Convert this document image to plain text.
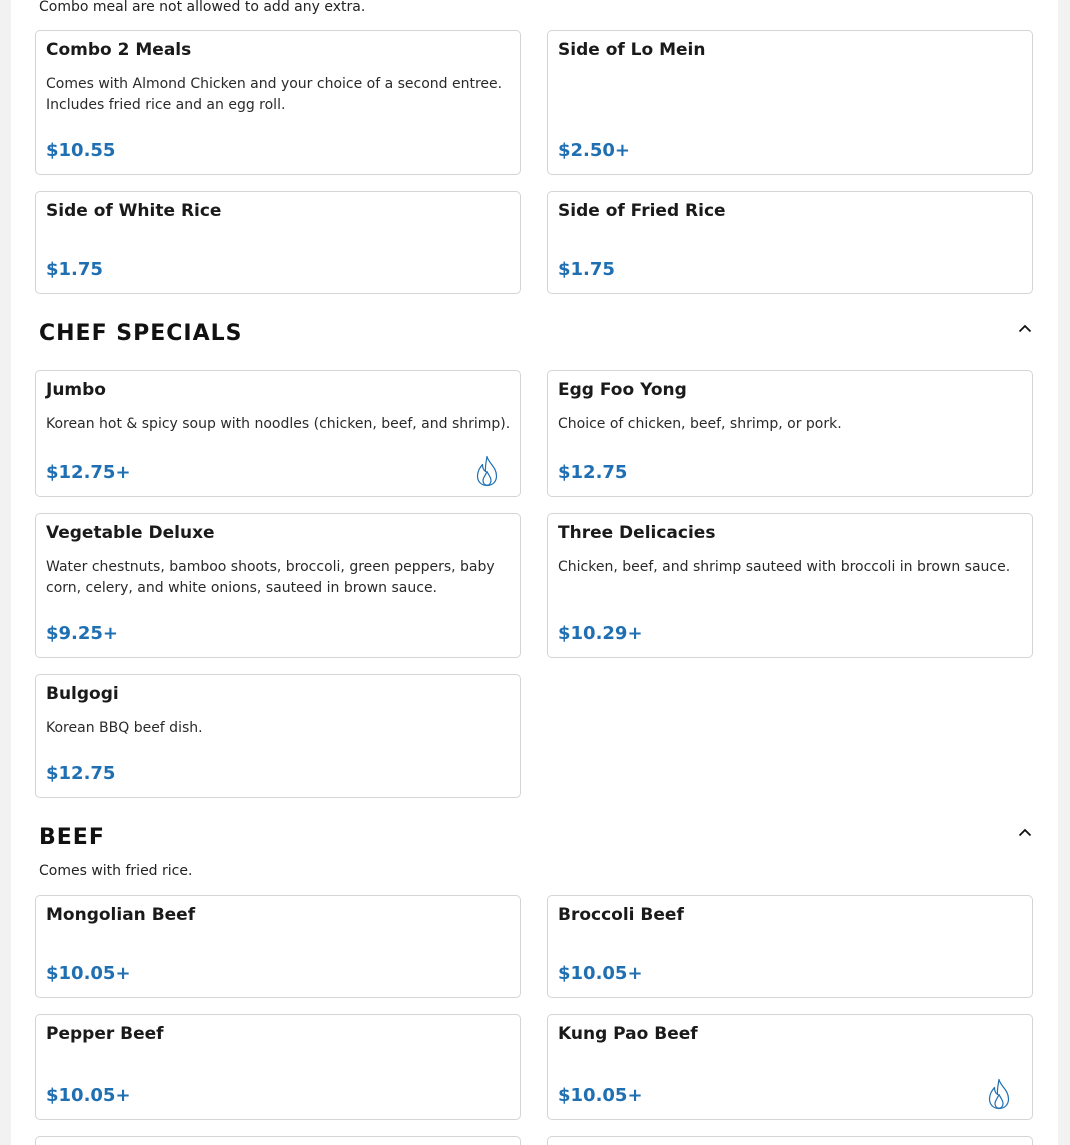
Combo meal are not allowed to add any extra.
Combo 2 Meals
Comes with Almond Chicken and your choice of a second entree. Includes fried rice and an egg roll.
$10.55
Side of Lo Mein
$2.50+
Side of White Rice
$1.75
Side of Fried Rice
$1.75
CHEF SPECIALS
Jumbo
Korean hot & spicy soup with noodles (chicken, beef, and shrimp).
$12.75+
Egg Foo Yong
Choice of chicken, beef, shrimp, or pork.
$12.75
Vegetable Deluxe
Water chestnuts, bamboo shoots, broccoli, green peppers, baby corn, celery, and white onions, sauteed in brown sauce.
$9.25+
Three Delicacies
Chicken, beef, and shrimp sauteed with broccoli in brown sauce.
$10.29+
Bulgogi
Korean BBQ beef dish.
$12.75
BEEF
Comes with fried rice.
Mongolian Beef
$10.05+
Broccoli Beef
$10.05+
Pepper Beef
$10.05+
Kung Pao Beef
$10.05+
